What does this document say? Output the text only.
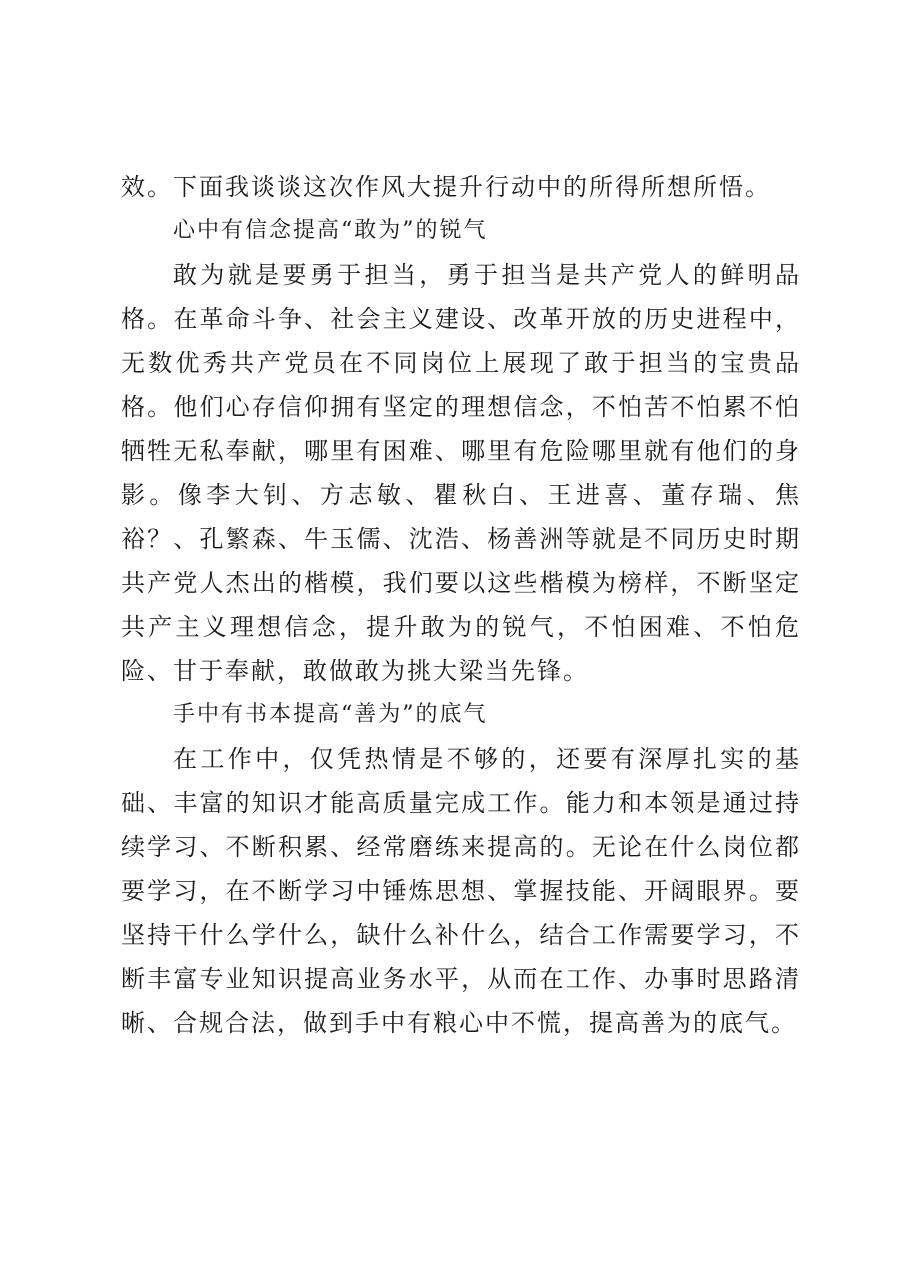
效。下面我谈谈这次作风大提升行动中的所得所想所悟。

心中有信念提高“敢为”的锐气

敢为就是要勇于担当，勇于担当是共产党人的鲜明品格。在革命斗争、社会主义建设、改革开放的历史进程中，无数优秀共产党员在不同岗位上展现了敢于担当的宝贵品格。他们心存信仰拥有坚定的理想信念，不怕苦不怕累不怕牺牲无私奉献，哪里有困难、哪里有危险哪里就有他们的身影。像李大钊、方志敏、瞿秋白、王进喜、董存瑞、焦裕？、孔繁森、牛玉儒、沈浩、杨善洲等就是不同历史时期共产党人杰出的楷模，我们要以这些楷模为榜样，不断坚定共产主义理想信念，提升敢为的锐气，不怕困难、不怕危险、甘于奉献，敢做敢为挑大梁当先锋。

手中有书本提高“善为”的底气

在工作中，仅凭热情是不够的，还要有深厚扎实的基础、丰富的知识才能高质量完成工作。能力和本领是通过持续学习、不断积累、经常磨练来提高的。无论在什么岗位都要学习，在不断学习中锤炼思想、掌握技能、开阔眼界。要坚持干什么学什么，缺什么补什么，结合工作需要学习，不断丰富专业知识提高业务水平，从而在工作、办事时思路清晰、合规合法，做到手中有粮心中不慌，提高善为的底气。
